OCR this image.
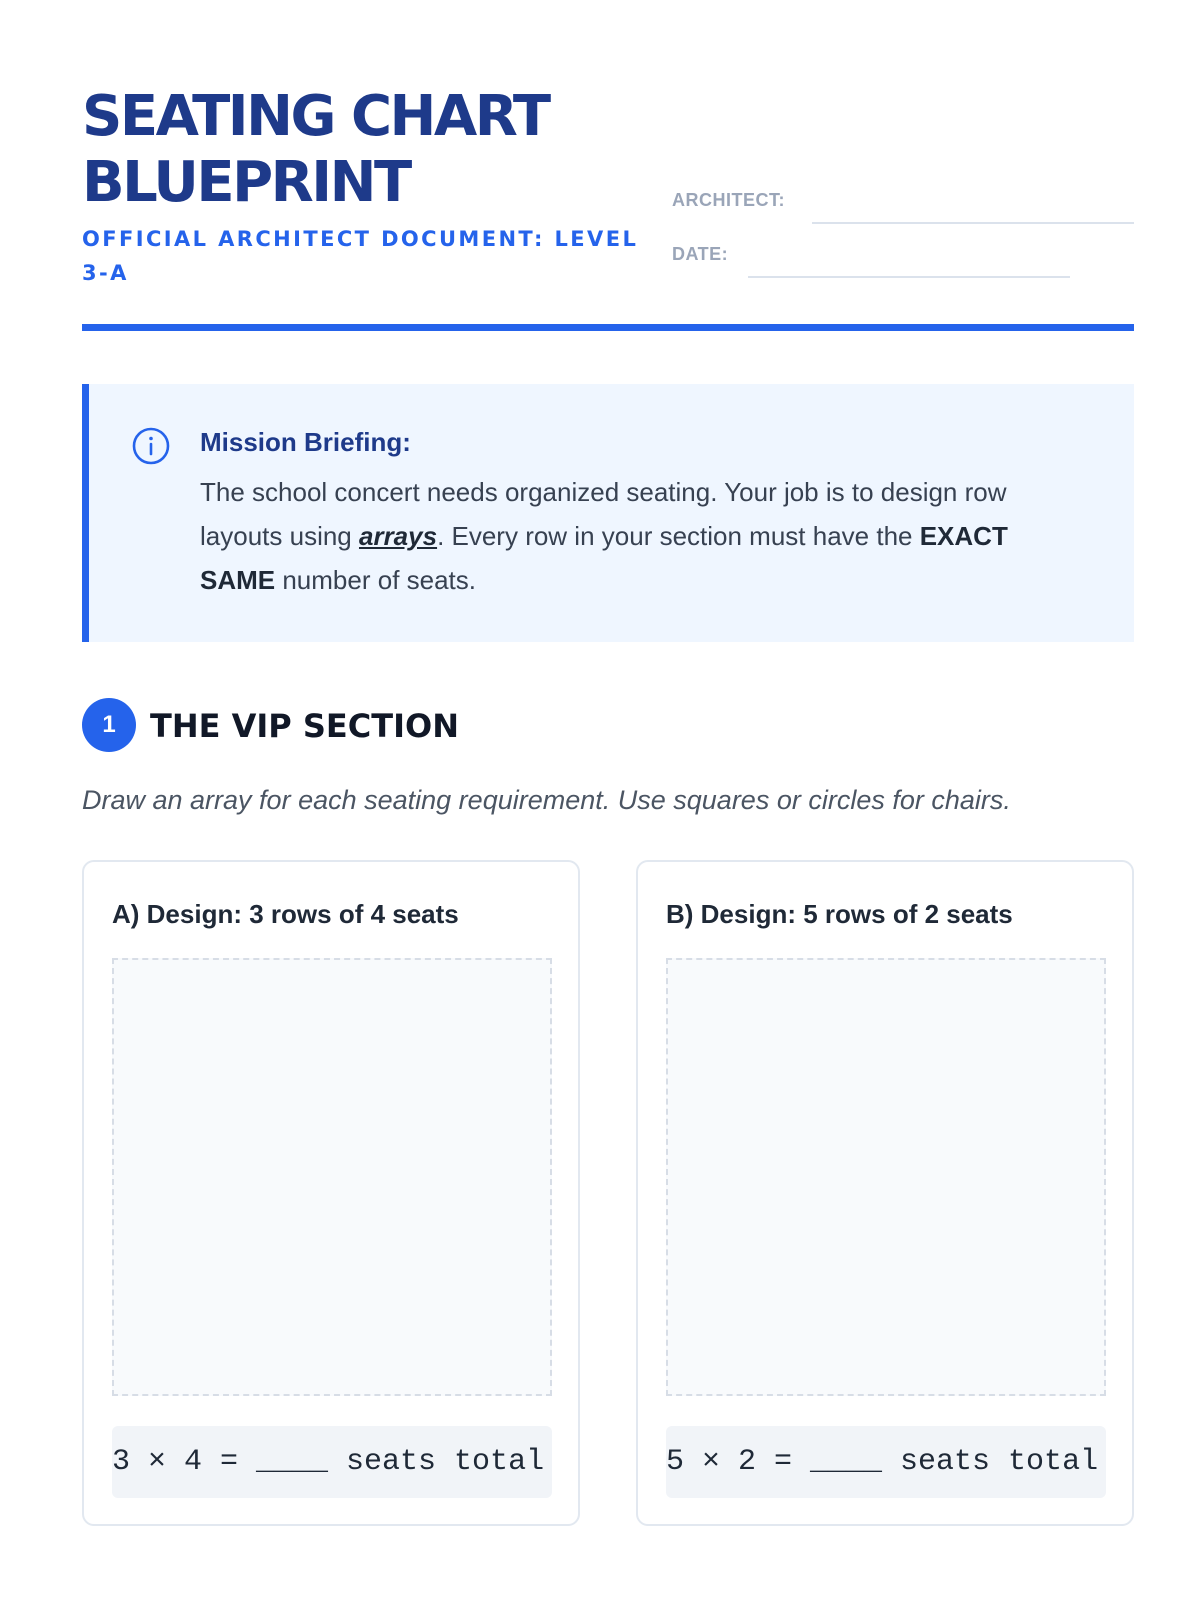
SEATING CHART
BLUEPRINT
OFFICIAL ARCHITECT DOCUMENT: LEVEL 3-A
ARCHITECT:
DATE:
Mission Briefing:
The school concert needs organized seating. Your job is to design row layouts using arrays. Every row in your section must have the EXACT SAME number of seats.
1	THE VIP SECTION
Draw an array for each seating requirement. Use squares or circles for chairs.
A) Design: 3 rows of 4 seats
3 × 4 = ____ seats total
B) Design: 5 rows of 2 seats
5 × 2 = ____ seats total
